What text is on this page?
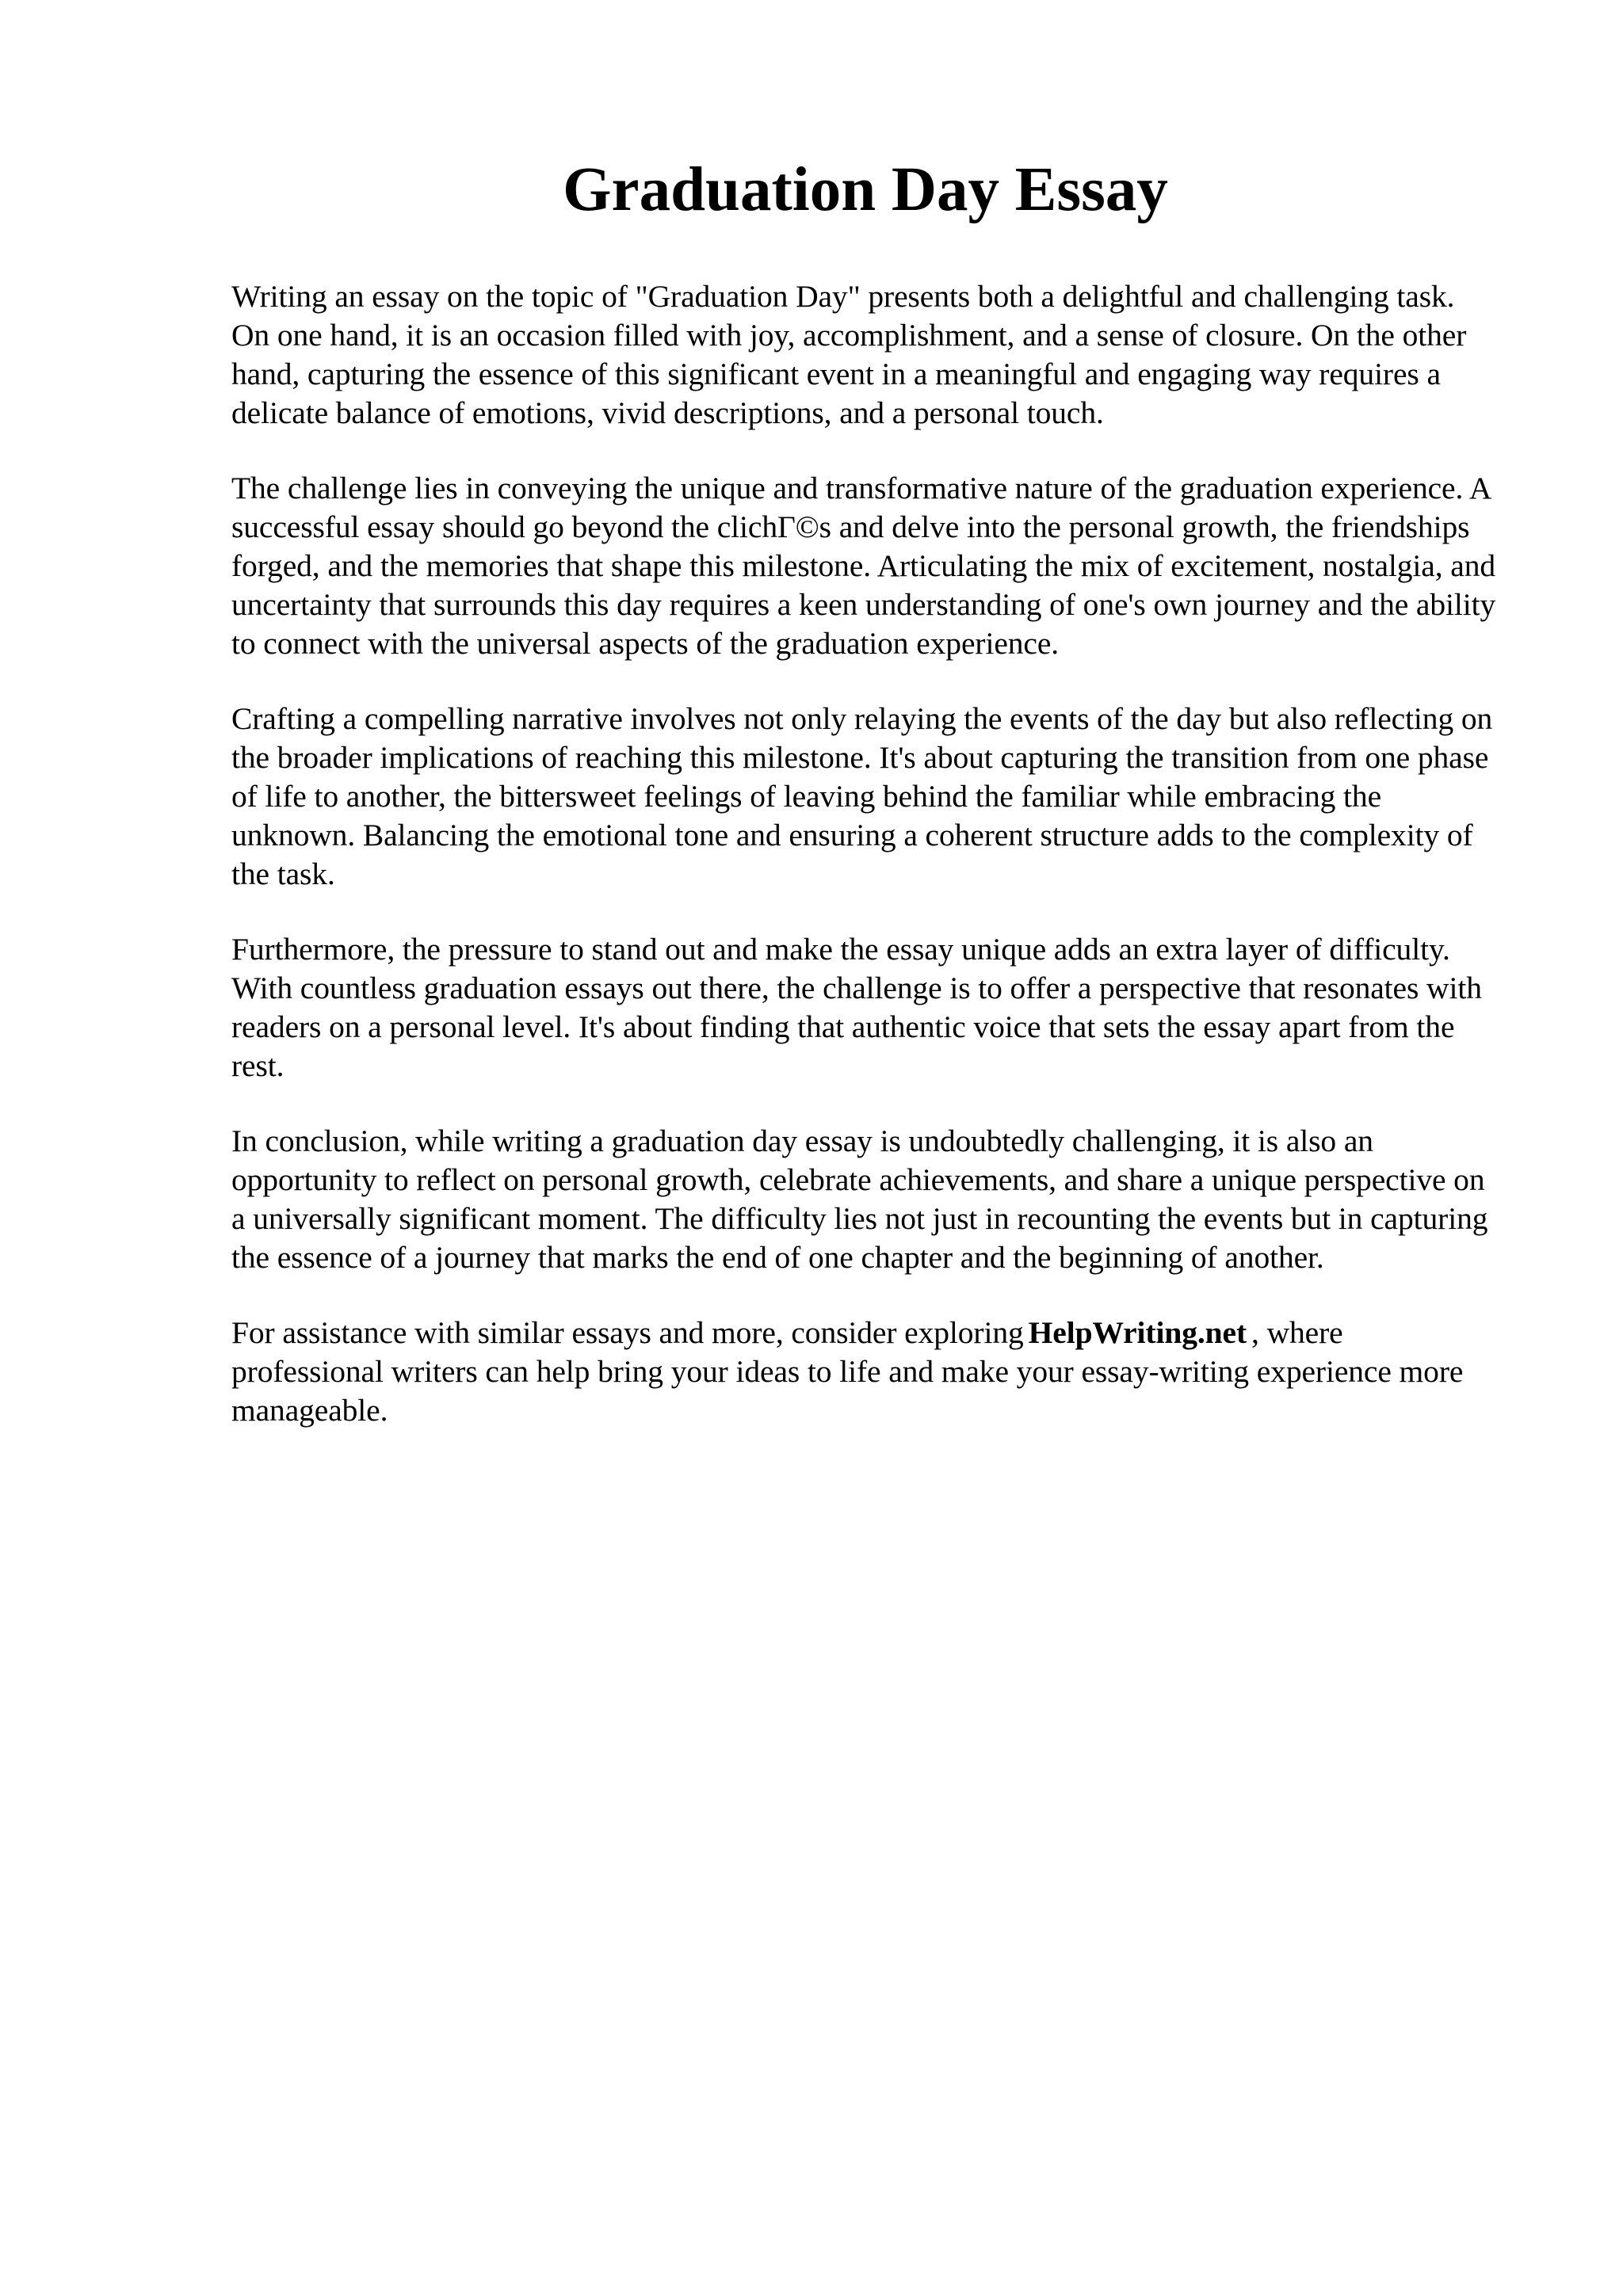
Graduation Day Essay

Writing an essay on the topic of "Graduation Day" presents both a delightful and challenging task. On one hand, it is an occasion filled with joy, accomplishment, and a sense of closure. On the other hand, capturing the essence of this significant event in a meaningful and engaging way requires a delicate balance of emotions, vivid descriptions, and a personal touch.

The challenge lies in conveying the unique and transformative nature of the graduation experience. A successful essay should go beyond the clichГ©s and delve into the personal growth, the friendships forged, and the memories that shape this milestone. Articulating the mix of excitement, nostalgia, and uncertainty that surrounds this day requires a keen understanding of one's own journey and the ability to connect with the universal aspects of the graduation experience.

Crafting a compelling narrative involves not only relaying the events of the day but also reflecting on the broader implications of reaching this milestone. It's about capturing the transition from one phase of life to another, the bittersweet feelings of leaving behind the familiar while embracing the unknown. Balancing the emotional tone and ensuring a coherent structure adds to the complexity of the task.

Furthermore, the pressure to stand out and make the essay unique adds an extra layer of difficulty. With countless graduation essays out there, the challenge is to offer a perspective that resonates with readers on a personal level. It's about finding that authentic voice that sets the essay apart from the rest.

In conclusion, while writing a graduation day essay is undoubtedly challenging, it is also an opportunity to reflect on personal growth, celebrate achievements, and share a unique perspective on a universally significant moment. The difficulty lies not just in recounting the events but in capturing the essence of a journey that marks the end of one chapter and the beginning of another.

For assistance with similar essays and more, consider exploring HelpWriting.net , where professional writers can help bring your ideas to life and make your essay-writing experience more manageable.
